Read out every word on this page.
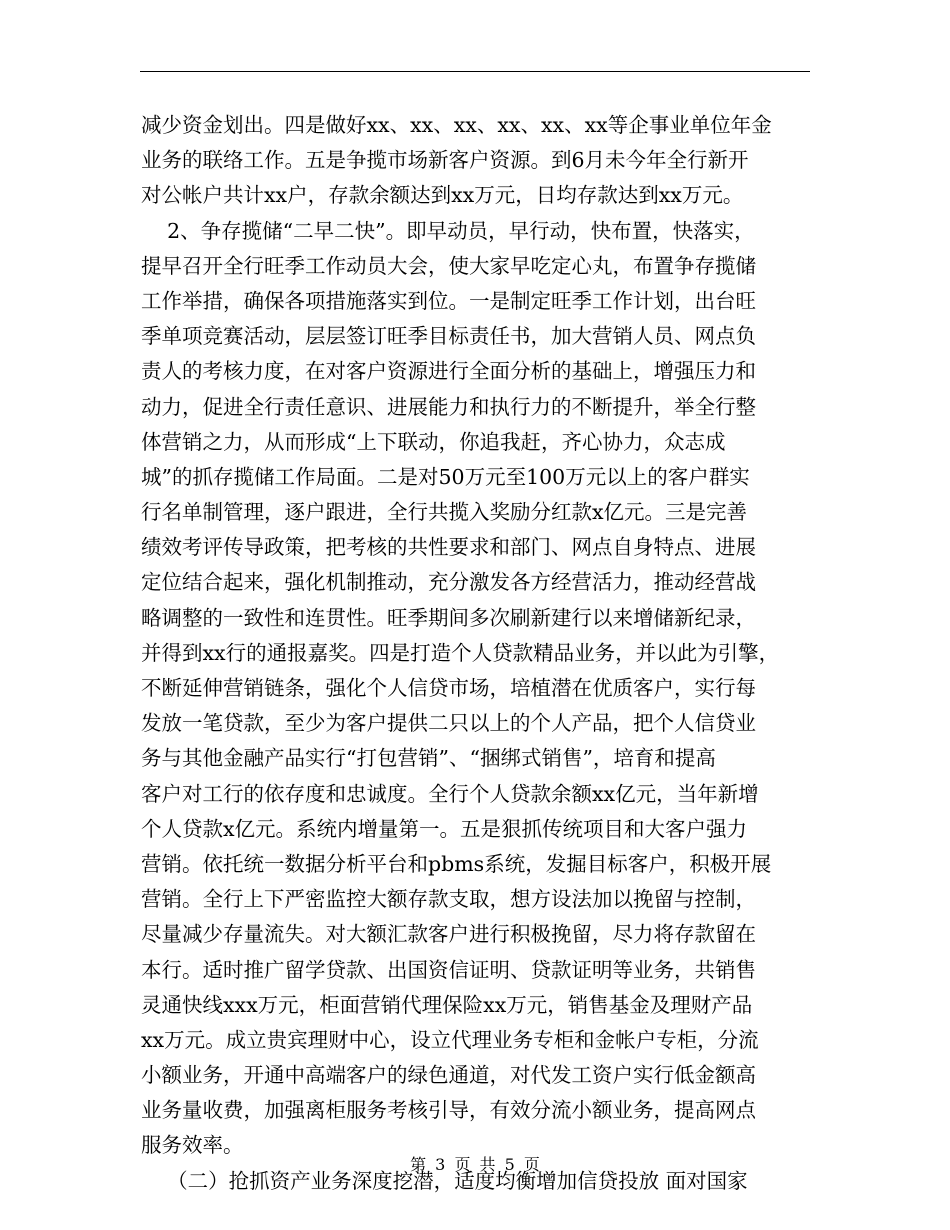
减少资金划出。四是做好xx、xx、xx、xx、xx、xx等企事业单位年金
业务的联络工作。五是争揽市场新客户资源。到6月未今年全行新开
对公帐户共计xx户，存款余额达到xx万元，日均存款达到xx万元。
2、争存揽储“二早二快”。即早动员，早行动，快布置，快落实，
提早召开全行旺季工作动员大会，使大家早吃定心丸，布置争存揽储
工作举措，确保各项措施落实到位。一是制定旺季工作计划，出台旺
季单项竞赛活动，层层签订旺季目标责任书，加大营销人员、网点负
责人的考核力度，在对客户资源进行全面分析的基础上，增强压力和
动力，促进全行责任意识、进展能力和执行力的不断提升，举全行整
体营销之力，从而形成“上下联动，你追我赶，齐心协力，众志成
城”的抓存揽储工作局面。二是对50万元至100万元以上的客户群实
行名单制管理，逐户跟进，全行共揽入奖励分红款x亿元。三是完善
绩效考评传导政策，把考核的共性要求和部门、网点自身特点、进展
定位结合起来，强化机制推动，充分激发各方经营活力，推动经营战
略调整的一致性和连贯性。旺季期间多次刷新建行以来增储新纪录，
并得到xx行的通报嘉奖。四是打造个人贷款精品业务，并以此为引擎，
不断延伸营销链条，强化个人信贷市场，培植潜在优质客户，实行每
发放一笔贷款，至少为客户提供二只以上的个人产品，把个人信贷业
务与其他金融产品实行“打包营销”、“捆绑式销售”，培育和提高
客户对工行的依存度和忠诚度。全行个人贷款余额xx亿元，当年新增
个人贷款x亿元。系统内增量第一。五是狠抓传统项目和大客户强力
营销。依托统一数据分析平台和pbms系统，发掘目标客户，积极开展
营销。全行上下严密监控大额存款支取，想方设法加以挽留与控制，
尽量减少存量流失。对大额汇款客户进行积极挽留，尽力将存款留在
本行。适时推广留学贷款、出国资信证明、贷款证明等业务，共销售
灵通快线xxx万元，柜面营销代理保险xx万元，销售基金及理财产品
xx万元。成立贵宾理财中心，设立代理业务专柜和金帐户专柜，分流
小额业务，开通中高端客户的绿色通道，对代发工资户实行低金额高
业务量收费，加强离柜服务考核引导，有效分流小额业务，提高网点
服务效率。
（二）抢抓资产业务深度挖潜，适度均衡增加信贷投放 面对国家
第 3 页 共 5 页
